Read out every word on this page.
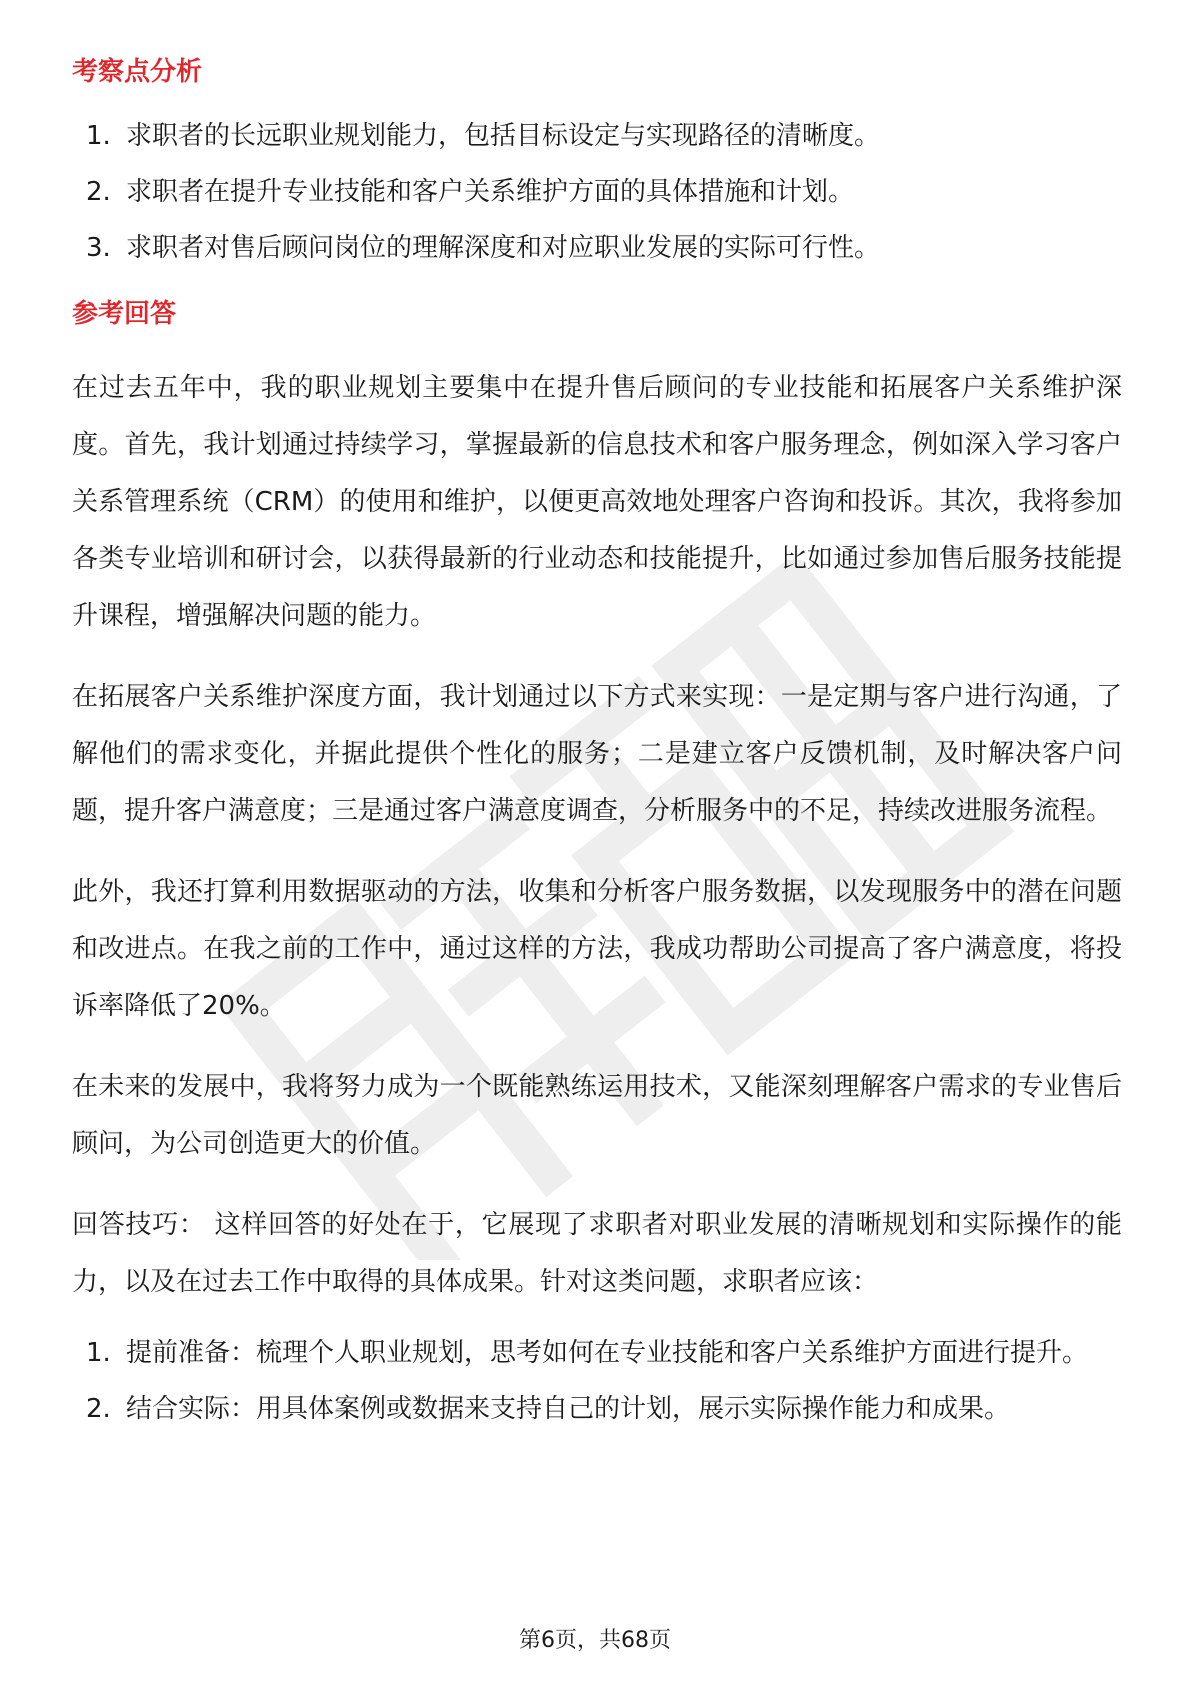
考察点分析
1. 求职者的长远职业规划能力，包括目标设定与实现路径的清晰度。
2. 求职者在提升专业技能和客户关系维护方面的具体措施和计划。
3. 求职者对售后顾问岗位的理解深度和对应职业发展的实际可行性。
参考回答

在过去五年中，我的职业规划主要集中在提升售后顾问的专业技能和拓展客户关系维护深度。首先，我计划通过持续学习，掌握最新的信息技术和客户服务理念，例如深入学习客户关系管理系统（CRM）的使用和维护，以便更高效地处理客户咨询和投诉。其次，我将参加各类专业培训和研讨会，以获得最新的行业动态和技能提升，比如通过参加售后服务技能提升课程，增强解决问题的能力。

在拓展客户关系维护深度方面，我计划通过以下方式来实现：一是定期与客户进行沟通，了解他们的需求变化，并据此提供个性化的服务；二是建立客户反馈机制，及时解决客户问题，提升客户满意度；三是通过客户满意度调查，分析服务中的不足，持续改进服务流程。

此外，我还打算利用数据驱动的方法，收集和分析客户服务数据，以发现服务中的潜在问题和改进点。在我之前的工作中，通过这样的方法，我成功帮助公司提高了客户满意度，将投诉率降低了20%。

在未来的发展中，我将努力成为一个既能熟练运用技术，又能深刻理解客户需求的专业售后顾问，为公司创造更大的价值。

回答技巧： 这样回答的好处在于，它展现了求职者对职业发展的清晰规划和实际操作的能力，以及在过去工作中取得的具体成果。针对这类问题，求职者应该：

1. 提前准备：梳理个人职业规划，思考如何在专业技能和客户关系维护方面进行提升。
2. 结合实际：用具体案例或数据来支持自己的计划，展示实际操作能力和成果。
第6页，共68页
